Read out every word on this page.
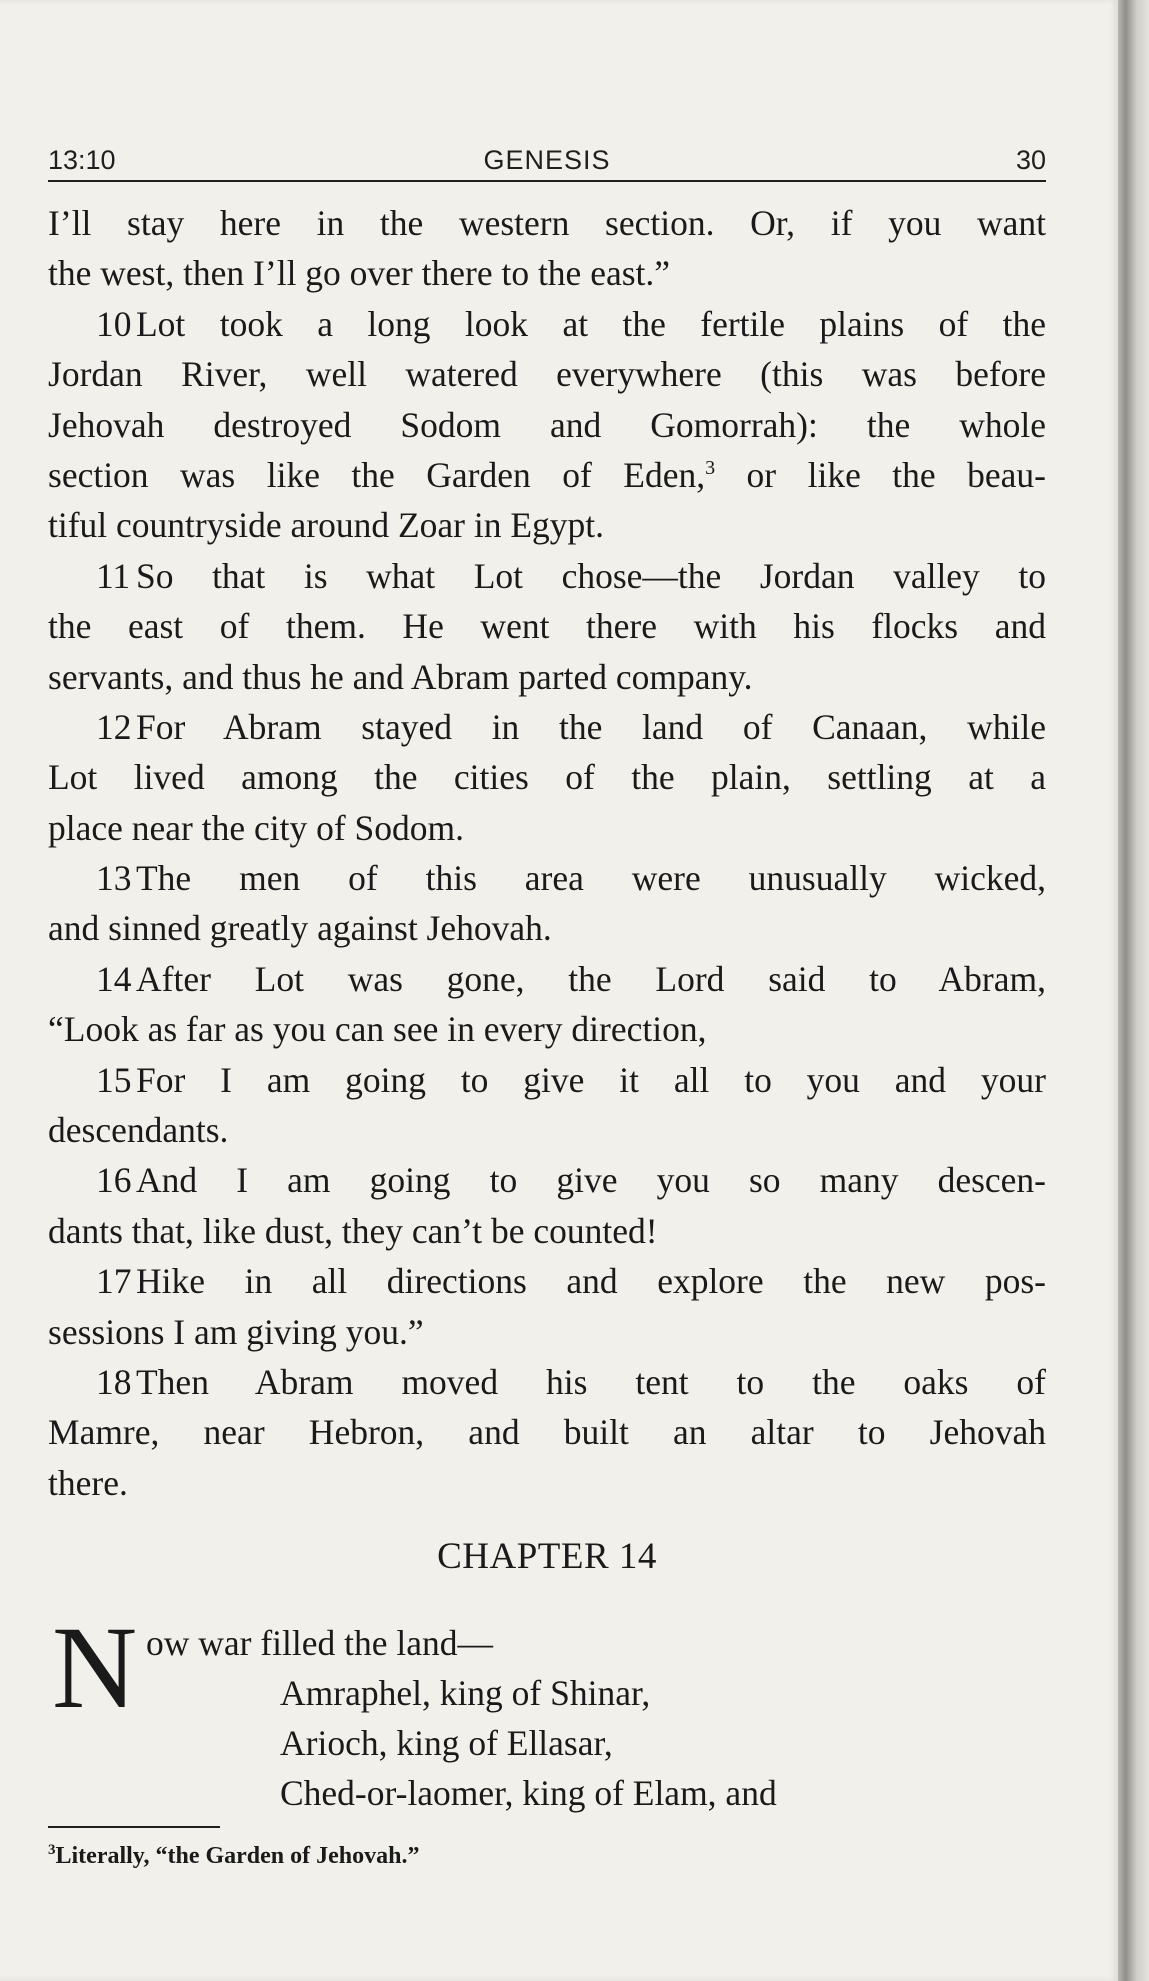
13:10	GENESIS	30
I’ll stay here in the western section. Or, if you want
the west, then I’ll go over there to the east.”
10 Lot took a long look at the fertile plains of the
Jordan River, well watered everywhere (this was before
Jehovah destroyed Sodom and Gomorrah): the whole
section was like the Garden of Eden,$^3$ or like the beau-
tiful countryside around Zoar in Egypt.
11 So that is what Lot chose—the Jordan valley to
the east of them. He went there with his flocks and
servants, and thus he and Abram parted company.
12 For Abram stayed in the land of Canaan, while
Lot lived among the cities of the plain, settling at a
place near the city of Sodom.
13 The men of this area were unusually wicked,
and sinned greatly against Jehovah.
14 After Lot was gone, the Lord said to Abram,
“Look as far as you can see in every direction,
15 For I am going to give it all to you and your
descendants.
16 And I am going to give you so many descen-
dants that, like dust, they can’t be counted!
17 Hike in all directions and explore the new pos-
sessions I am giving you.”
18 Then Abram moved his tent to the oaks of
Mamre, near Hebron, and built an altar to Jehovah
there.
CHAPTER 14
N ow war filled the land—
Amraphel, king of Shinar,
Arioch, king of Ellasar,
Ched-or-laomer, king of Elam, and
$^3$Literally, “the Garden of Jehovah.”
